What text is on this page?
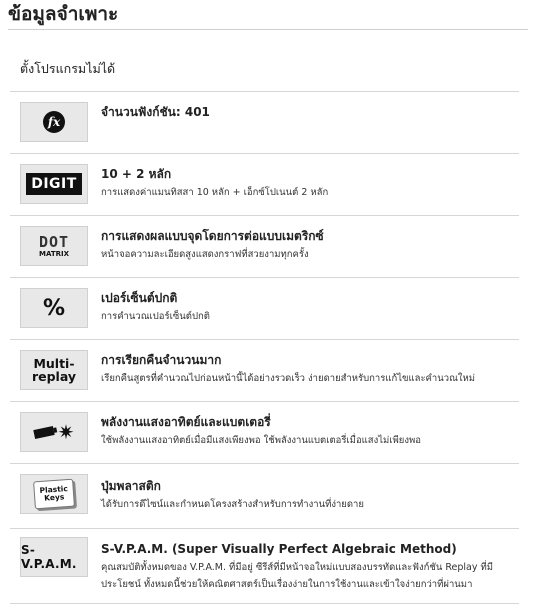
ข้อมูลจำเพาะ
ตั้งโปรแกรมไม่ได้
fx
จำนวนฟังก์ชัน: 401
DIGIT
10 + 2 หลัก
การแสดงค่าแมนทิสสา 10 หลัก + เอ็กซ์โปเนนต์ 2 หลัก
DOT
MATRIX
การแสดงผลแบบจุดโดยการต่อแบบเมตริกซ์
หน้าจอความละเอียดสูงแสดงกราฟที่สวยงามทุกครั้ง
%	เปอร์เซ็นต์ปกติ
การคำนวณเปอร์เซ็นต์ปกติ
Multi-
replay
การเรียกคืนจำนวนมาก
เรียกคืนสูตรที่คำนวณไปก่อนหน้านี้ได้อย่างรวดเร็ว ง่ายดายสำหรับการแก้ไขและคำนวณใหม่
✷ พลังงานแสงอาทิตย์และแบตเตอรี่
ใช้พลังงานแสงอาทิตย์เมื่อมีแสงเพียงพอ ใช้พลังงานแบตเตอรี่เมื่อแสงไม่เพียงพอ
Plastic
Keys
ปุ่มพลาสติก
ได้รับการดีไซน์และกำหนดโครงสร้างสำหรับการทำงานที่ง่ายดาย
S-V.P.A.M.
S-V.P.A.M. (Super Visually Perfect Algebraic Method)
คุณสมบัติทั้งหมดของ V.P.A.M. ที่มีอยู่ ซีรีส์ที่มีหน้าจอใหม่แบบสองบรรทัดและฟังก์ชัน Replay ที่มีประโยชน์ ทั้งหมดนี้ช่วยให้คณิตศาสตร์เป็นเรื่องง่ายในการใช้งานและเข้าใจง่ายกว่าที่ผ่านมา
